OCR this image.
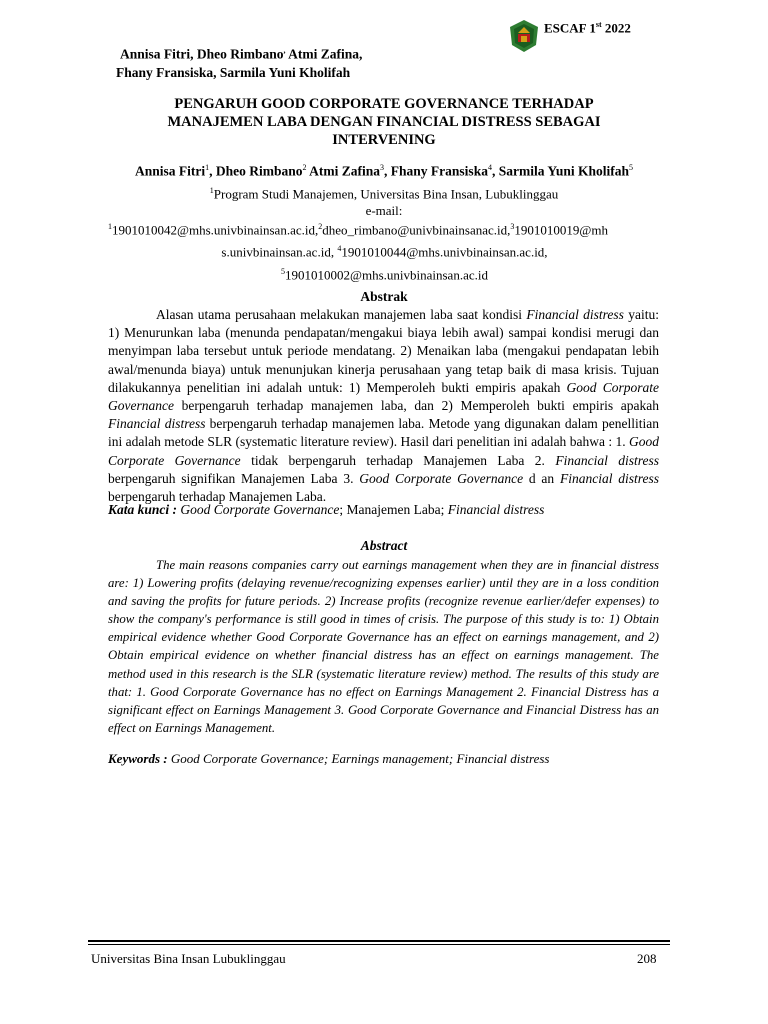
ESCAF 1st 2022
Annisa Fitri, Dheo Rimbano, Atmi Zafina,
Fhany Fransiska, Sarmila Yuni Kholifah
PENGARUH GOOD CORPORATE GOVERNANCE TERHADAP
MANAJEMEN LABA DENGAN FINANCIAL DISTRESS SEBAGAI
INTERVENING
Annisa Fitri$^1$, Dheo Rimbano$^2$ Atmi Zafina$^3$, Fhany Fransiska$^4$, Sarmila Yuni Kholifah$^5$
$^1$Program Studi Manajemen, Universitas Bina Insan, Lubuklinggau
e-mail:
$^1$1901010042@mhs.univbinainsan.ac.id,$^2$dheo_rimbano@univbinainsanac.id,$^3$1901010019@mh
s.univbinainsan.ac.id, $^4$1901010044@mhs.univbinainsan.ac.id,
$^5$1901010002@mhs.univbinainsan.ac.id
Abstrak

Alasan utama perusahaan melakukan manajemen laba saat kondisi Financial distress yaitu: 1) Menurunkan laba (menunda pendapatan/mengakui biaya lebih awal) sampai kondisi merugi dan menyimpan laba tersebut untuk periode mendatang. 2) Menaikan laba (mengakui pendapatan lebih awal/menunda biaya) untuk menunjukan kinerja perusahaan yang tetap baik di masa krisis. Tujuan dilakukannya penelitian ini adalah untuk: 1) Memperoleh bukti empiris apakah Good Corporate Governance berpengaruh terhadap manajemen laba, dan 2) Memperoleh bukti empiris apakah Financial distress berpengaruh terhadap manajemen laba. Metode yang digunakan dalam penellitian ini adalah metode SLR (systematic literature review). Hasil dari penelitian ini adalah bahwa : 1. Good Corporate Governance tidak berpengaruh terhadap Manajemen Laba 2. Financial distress berpengaruh signifikan Manajemen Laba 3. Good Corporate Governance d an Financial distress berpengaruh terhadap Manajemen Laba.

Kata kunci : Good Corporate Governance; Manajemen Laba; Financial distress
Abstract

The main reasons companies carry out earnings management when they are in financial distress are: 1) Lowering profits (delaying revenue/recognizing expenses earlier) until they are in a loss condition and saving the profits for future periods. 2) Increase profits (recognize revenue earlier/defer expenses) to show the company's performance is still good in times of crisis. The purpose of this study is to: 1) Obtain empirical evidence whether Good Corporate Governance has an effect on earnings management, and 2) Obtain empirical evidence on whether financial distress has an effect on earnings management. The method used in this research is the SLR (systematic literature review) method. The results of this study are that: 1. Good Corporate Governance has no effect on Earnings Management 2. Financial Distress has a significant effect on Earnings Management 3. Good Corporate Governance and Financial Distress has an effect on Earnings Management.

Keywords : Good Corporate Governance; Earnings management; Financial distress
Universitas Bina Insan Lubuklinggau	208
